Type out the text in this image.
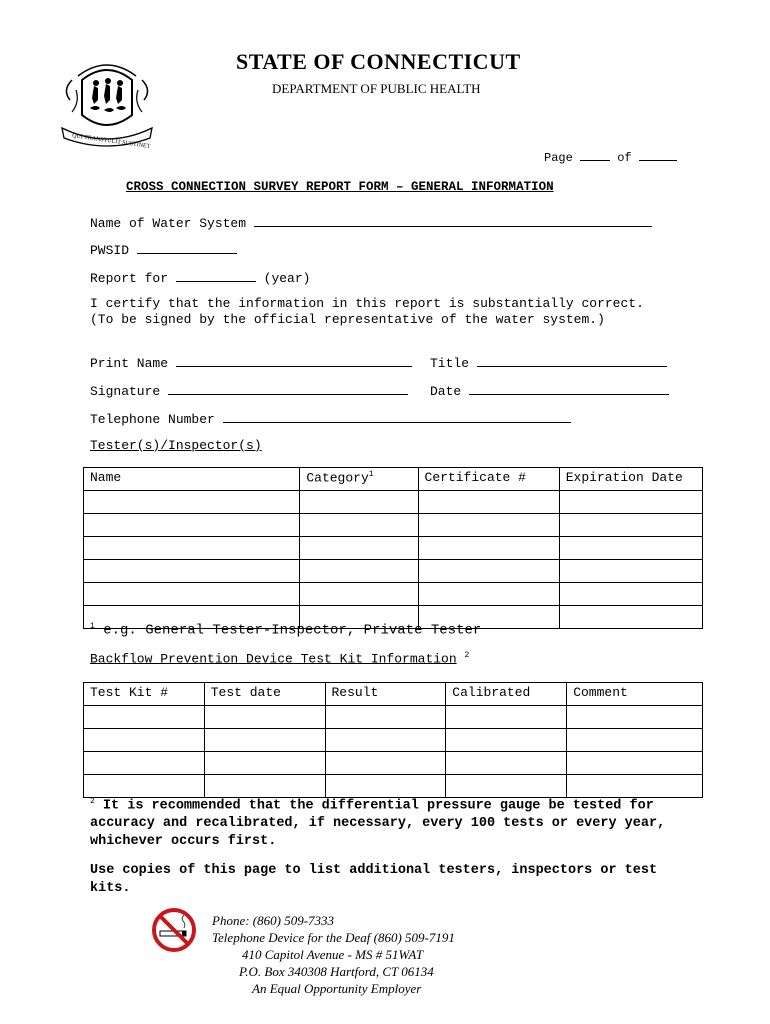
QUI TRANSTULIT SUSTINET
STATE OF CONNECTICUT
DEPARTMENT OF PUBLIC HEALTH
Page	of
CROSS CONNECTION SURVEY REPORT FORM – GENERAL INFORMATION
Name of Water System
PWSID
Report for	(year)
I certify that the information in this report is substantially correct. (To be signed by the official representative of the water system.)
Print Name	Title
Signature	Date
Telephone Number
Tester(s)/Inspector(s)
Name	Category$^1$	Certificate #	Expiration Date

$^1$ e.g. General Tester-Inspector, Private Tester
Backflow Prevention Device Test Kit Information $^2$
Test Kit #	Test date	Result	Calibrated	Comment

$^2$ It is recommended that the differential pressure gauge be tested for accuracy and recalibrated, if necessary, every 100 tests or every year, whichever occurs first.
Use copies of this page to list additional testers, inspectors or test kits.
Phone: (860) 509-7333
Telephone Device for the Deaf (860) 509-7191
410 Capitol Avenue - MS # 51WAT
P.O. Box 340308 Hartford, CT 06134
An Equal Opportunity Employer
